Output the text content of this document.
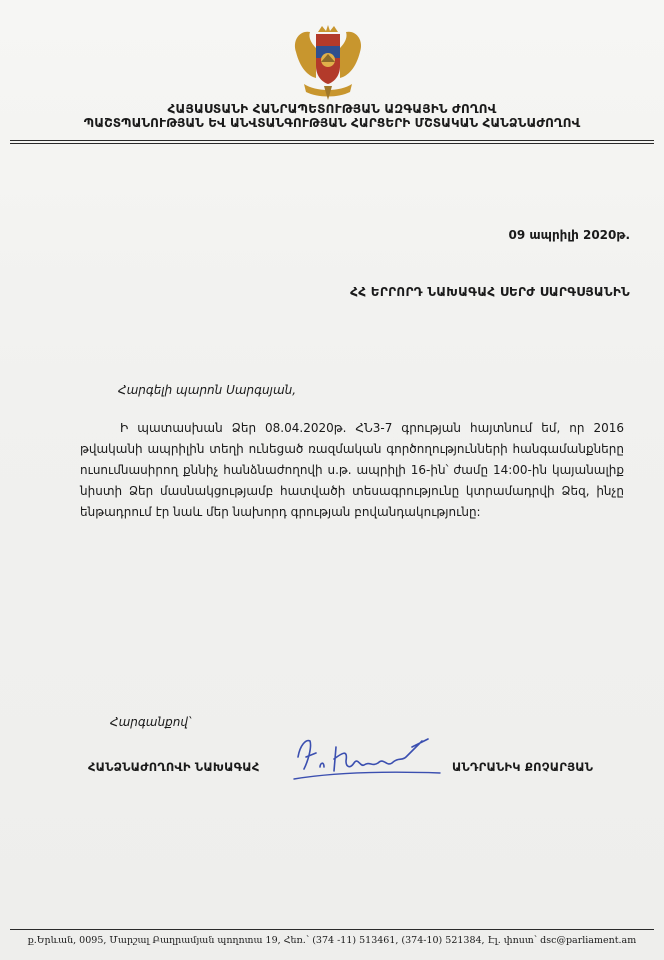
ՀԱՅԱՍՏԱՆԻ ՀԱՆՐԱՊԵՏՈՒԹՅԱՆ ԱԶԳԱՅԻՆ ԺՈՂՈՎ
ՊԱՇՏՊԱՆՈՒԹՅԱՆ ԵՎ ԱՆՎՏԱՆԳՈՒԹՅԱՆ ՀԱՐՑԵՐԻ ՄՇՏԱԿԱՆ ՀԱՆՁՆԱԺՈՂՈՎ
09 ապրիլի 2020թ.
ՀՀ ԵՐՐՈՐԴ ՆԱԽԱԳԱՀ ՍԵՐԺ ՍԱՐԳՍՅԱՆԻՆ
Հարգելի պարոն Սարգսյան,

Ի պատասխան Ձեր 08.04.2020թ. ՀՆ3-7 գրության հայտնում եմ, որ 2016 թվականի ապրիլին տեղի ունեցած ռազմական գործողությունների հանգամանքները ուսումնասիրող քննիչ հանձնաժողովի ս.թ. ապրիլի 16-ին՝ ժամը 14:00-ին կայանալիք նիստի Ձեր մասնակցությամբ հատվածի տեսագրությունը կտրամադրվի Ձեզ, ինչը ենթադրում էր նաև մեր նախորդ գրության բովանդակությունը:

Հարգանքով՝
ՀԱՆՁՆԱԺՈՂՈՎԻ ՆԱԽԱԳԱՀ	ԱՆԴՐԱՆԻԿ ՔՈՉԱՐՅԱՆ
ք.Երևան, 0095, Մարշալ Բաղրամյան պողոտա 19, Հեռ.՝ (374 -11) 513461, (374-10) 521384, Էլ. փոստ՝ dsc@parliament.am
